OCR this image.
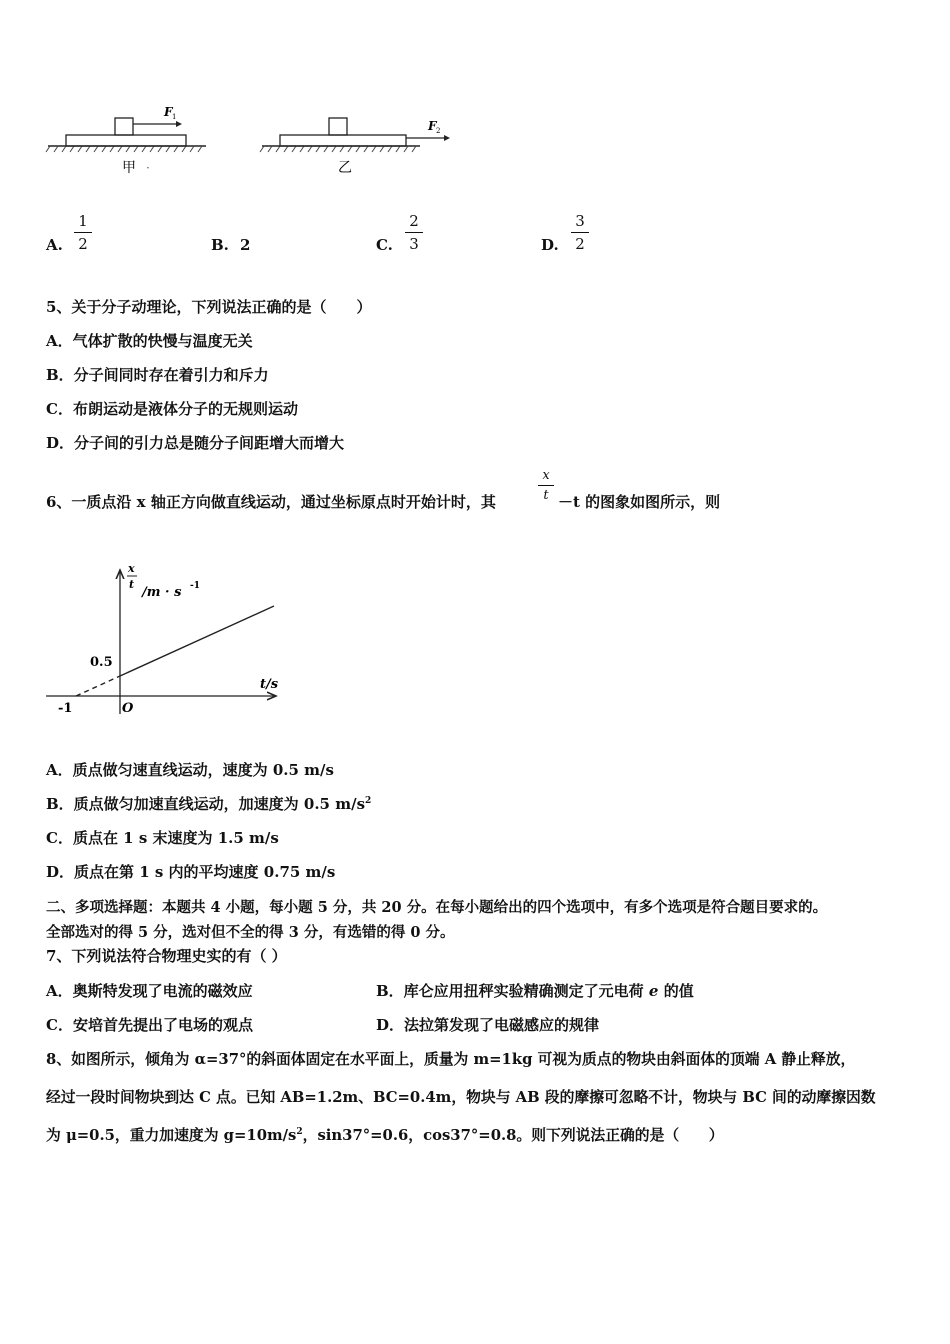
F 1
甲 ·
F 2
乙
A.
1
2	B. 2	C.
2
3	D.
3
2
5、关于分子动理论，下列说法正确的是（　　）
A．气体扩散的快慢与温度无关
B．分子间同时存在着引力和斥力
C．布朗运动是液体分子的无规则运动
D．分子间的引力总是随分子间距增大而增大
6、一质点沿 x 轴正方向做直线运动，通过坐标原点时开始计时，其
x
t －t 的图象如图所示，则
x
t
/m · s -1
t/s
O
-1
0.5
A．质点做匀速直线运动，速度为 0.5 m/s
B．质点做匀加速直线运动，加速度为 0.5 $m/s^2$
C．质点在 1 s 末速度为 1.5 m/s
D．质点在第 1 s 内的平均速度 0.75 m/s
二、多项选择题：本题共 4 小题，每小题 5 分，共 20 分。在每小题给出的四个选项中，有多个选项是符合题目要求的。
全部选对的得 5 分，选对但不全的得 3 分，有选错的得 0 分。
7、下列说法符合物理史实的有（ ）
A．奥斯特发现了电流的磁效应	B．库仑应用扭秤实验精确测定了元电荷 e 的值
C．安培首先提出了电场的观点	D．法拉第发现了电磁感应的规律
8、如图所示，倾角为 α=37°的斜面体固定在水平面上，质量为 m=1kg 可视为质点的物块由斜面体的顶端 A 静止释放，
经过一段时间物块到达 C 点。已知 AB=1.2m、BC=0.4m，物块与 AB 段的摩擦可忽略不计，物块与 BC 间的动摩擦因数
为 μ=0.5，重力加速度为 $g=10m/s^2$，sin37°=0.6，cos37°=0.8。则下列说法正确的是（　　）
